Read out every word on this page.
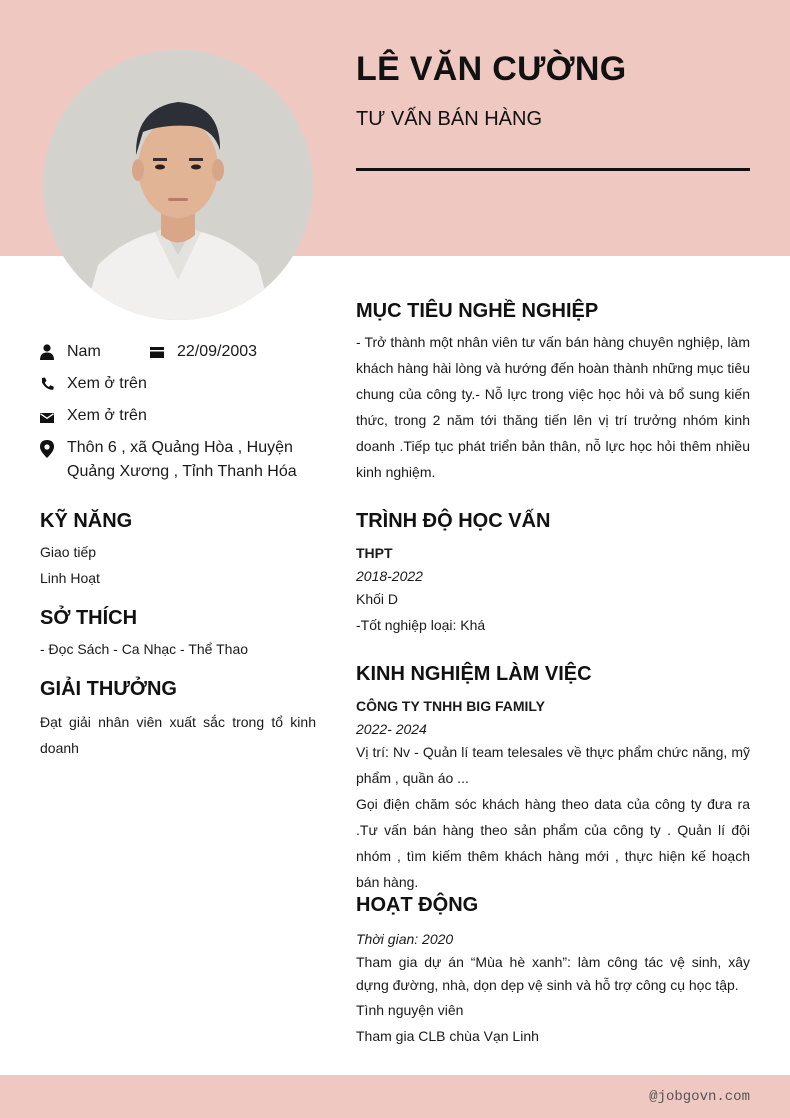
LÊ VĂN CƯỜNG
TƯ VẤN BÁN HÀNG
Nam	22/09/2003
Xem ở trên
Xem ở trên
Thôn 6 , xã Quảng Hòa , Huyện Quảng Xương , Tỉnh Thanh Hóa
KỸ NĂNG
Giao tiếp
Linh Hoạt
SỞ THÍCH
- Đọc Sách - Ca Nhạc - Thể Thao
GIẢI THƯỞNG
Đạt giải nhân viên xuất sắc trong tổ kinh doanh
MỤC TIÊU NGHỀ NGHIỆP

- Trở thành một nhân viên tư vấn bán hàng chuyên nghiệp, làm khách hàng hài lòng và hướng đến hoàn thành những mục tiêu chung của công ty.- Nỗ lực trong việc học hỏi và bổ sung kiến thức, trong 2 năm tới thăng tiến lên vị trí trưởng nhóm kinh doanh .Tiếp tục phát triển bản thân, nỗ lực học hỏi thêm nhiều kinh nghiệm.

TRÌNH ĐỘ HỌC VẤN
THPT
2018-2022

Khối D

-Tốt nghiệp loại: Khá

KINH NGHIỆM LÀM VIỆC
CÔNG TY TNHH BIG FAMILY
2022- 2024

Vị trí: Nv - Quản lí team telesales về thực phẩm chức năng, mỹ phẩm , quần áo ...

Gọi điện chăm sóc khách hàng theo data của công ty đưa ra .Tư vấn bán hàng theo sản phẩm của công ty . Quản lí đội nhóm , tìm kiếm thêm khách hàng mới , thực hiện kế hoạch bán hàng.

HOẠT ĐỘNG
Thời gian: 2020

Tham gia dự án “Mùa hè xanh”: làm công tác vệ sinh, xây dựng đường, nhà, dọn dẹp vệ sinh và hỗ trợ công cụ học tập.

Tình nguyện viên

Tham gia CLB chùa Vạn Linh

@jobgovn.com
